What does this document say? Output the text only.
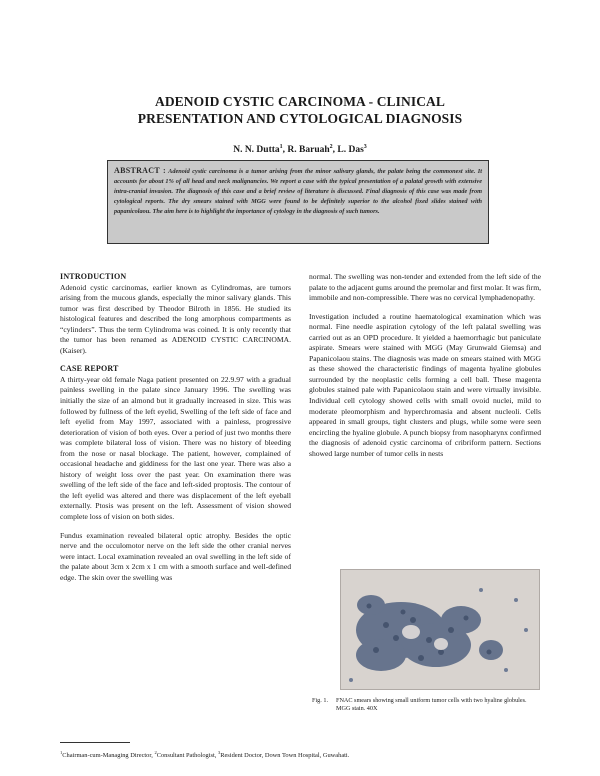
ADENOID CYSTIC CARCINOMA - CLINICAL
PRESENTATION AND CYTOLOGICAL DIAGNOSIS
N. N. Dutta$^1$, R. Baruah$^2$, L. Das$^3$
ABSTRACT : Adenoid cystic carcinoma is a tumor arising from the minor salivary glands, the palate being the commonest site. It accounts for about 1% of all head and neck malignancies. We report a case with the typical presentation of a palatal growth with extensive intra-cranial invasion. The diagnosis of this case and a brief review of literature is discussed. Final diagnosis of this case was made from cytological reports. The dry smears stained with MGG were found to be definitely superior to the alcohol fixed slides stained with papanicolaou. The aim here is to highlight the importance of cytology in the diagnosis of such tumors.
INTRODUCTION

Adenoid cystic carcinomas, earlier known as Cylindromas, are tumors arising from the mucous glands, especially the minor salivary glands. This tumor was first described by Theodor Bilroth in 1856. He studied its histological features and described the long amorphous compartments as “cylinders”. Thus the term Cylindroma was coined. It is only recently that the tumor has been renamed as ADENOID CYSTIC CARCINOMA.(Kaiser).

CASE REPORT

A thirty-year old female Naga patient presented on 22.9.97 with a gradual painless swelling in the palate since January 1996. The swelling was initially the size of an almond but it gradually increased in size. This was followed by fullness of the left eyelid, Swelling of the left side of face and left eyelid from May 1997, associated with a painless, progressive deterioration of vision of both eyes. Over a period of just two months there was complete bilateral loss of vision. There was no history of bleeding from the nose or nasal blockage. The patient, however, complained of occasional headache and giddiness for the last one year. There was also a history of weight loss over the past year. On examination there was swelling of the left side of the face and left-sided proptosis. The contour of the left eyelid was altered and there was displacement of the left eyeball externally. Ptosis was present on the left. Assessment of vision showed complete loss of vision on both sides.

Fundus examination revealed bilateral optic atrophy. Besides the optic nerve and the occulomotor nerve on the left side the other cranial nerves were intact. Local examination revealed an oval swelling in the left side of the palate about 3cm x 2cm x 1 cm with a smooth surface and well-defined edge. The skin over the swelling was

normal. The swelling was non-tender and extended from the left side of the palate to the adjacent gums around the premolar and first molar. It was firm, immobile and non-compressible. There was no cervical lymphadenopathy.

Investigation included a routine haematological examination which was normal. Fine needle aspiration cytology of the left palatal swelling was carried out as an OPD procedure. It yielded a haemorrhagic but paniculate aspirate. Smears were stained with MGG (May Grunwald Giemsa) and Papanicolaou stains. The diagnosis was made on smears stained with MGG as these showed the characteristic findings of magenta hyaline globules surrounded by the neoplastic cells forming a cell ball. These magenta globules stained pale with Papanicolaou stain and were virtually invisible. Individual cell cytology showed cells with small ovoid nuclei, mild to moderate pleomorphism and hyperchromasia and absent nucleoli. Cells appeared in small groups, tight clusters and plugs, while some were seen encircling the hyaline globule. A punch biopsy from nasopharynx confirmed the diagnosis of adenoid cystic carcinoma of cribriform pattern. Sections showed large number of tumor cells in nests

Fig. 1. FNAC smears showing small uniform tumor cells with two hyaline globules. MGG stain. 40X
$^1$Chairman-cum-Managing Director, $^2$Consultant Pathologist, $^3$Resident Doctor, Down Town Hospital, Guwahati.
